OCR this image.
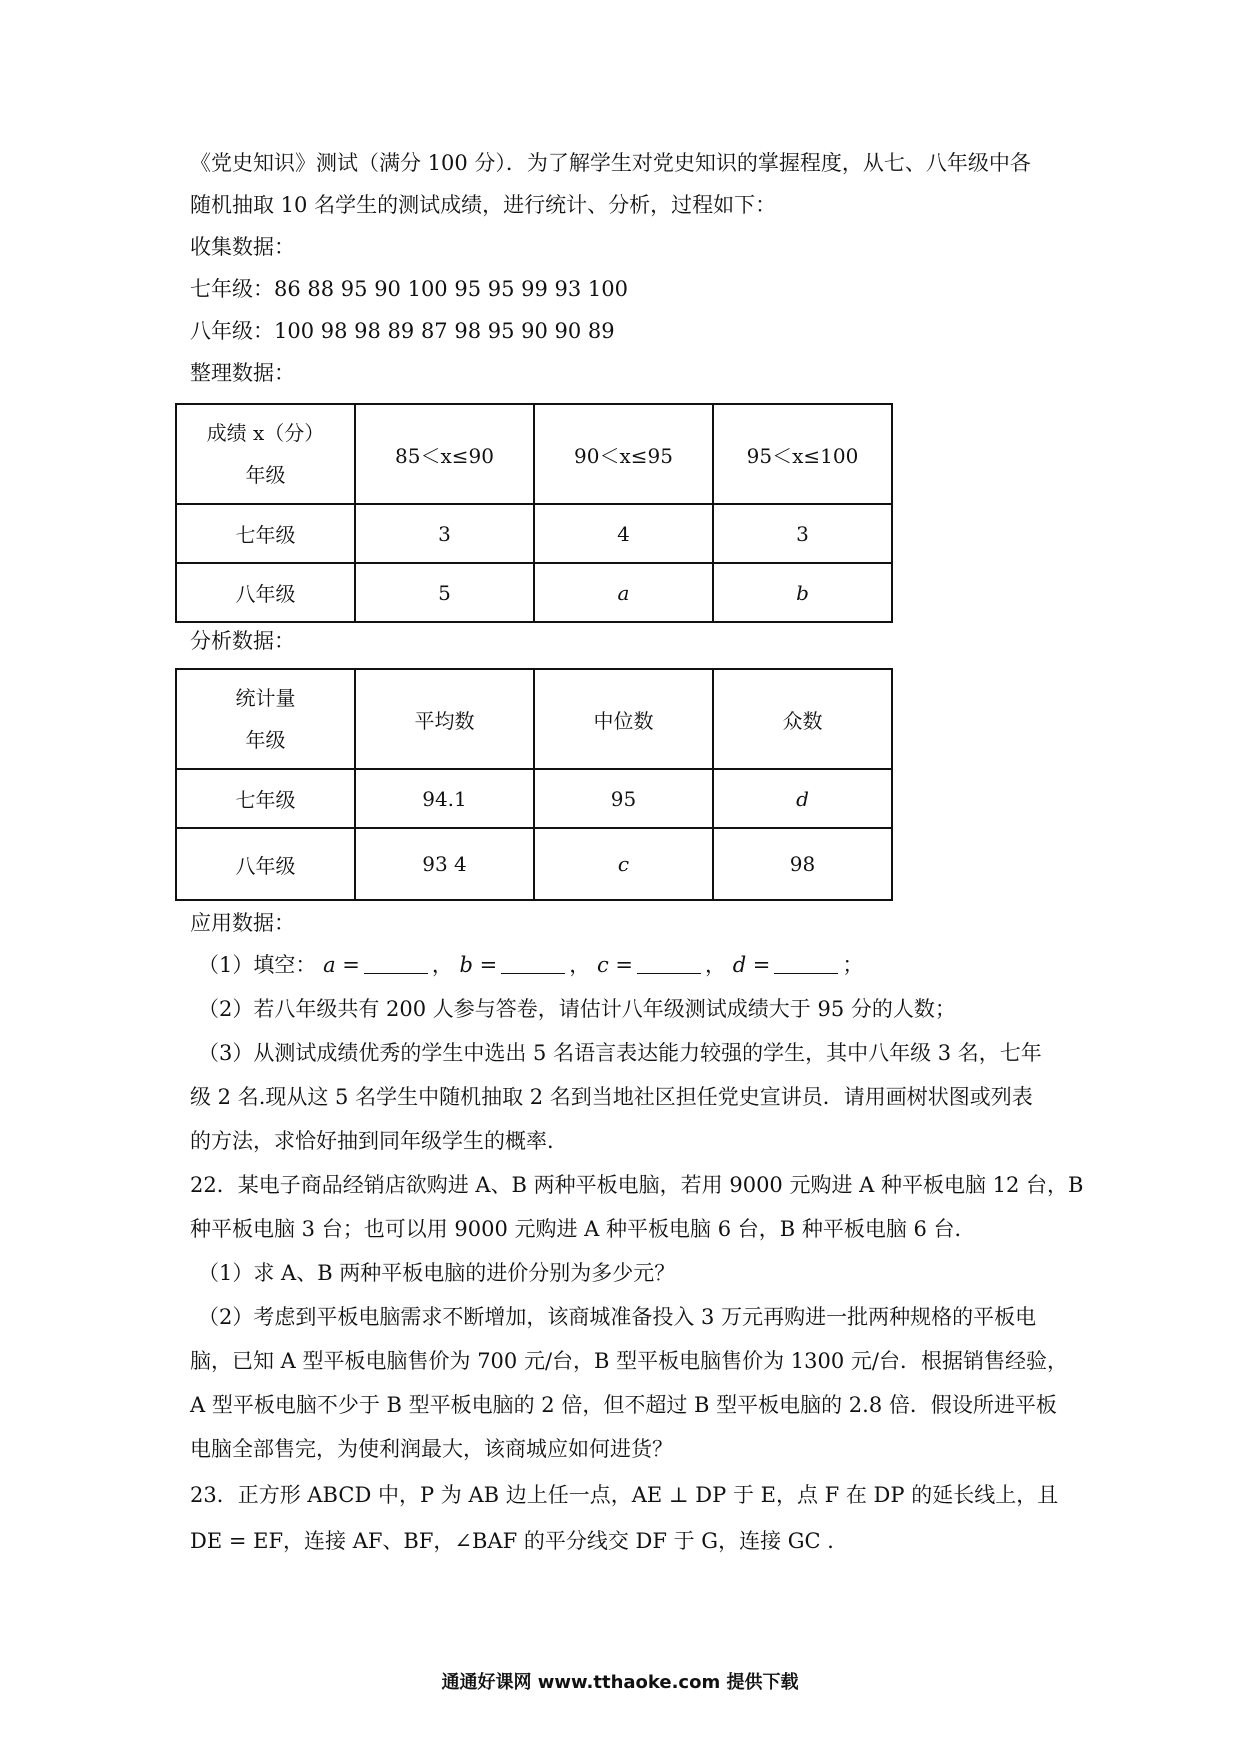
《党史知识》测试（满分 100 分）．为了解学生对党史知识的掌握程度，从七、八年级中各
随机抽取 10 名学生的测试成绩，进行统计、分析，过程如下：
收集数据：
七年级：86 88 95 90 100 95 95 99 93 100
八年级：100 98 98 89 87 98 95 90 90 89
整理数据：
成绩 x（分）
年级	85＜x≤90	90＜x≤95	95＜x≤100
七年级	3	4	3
八年级	5	a	b
分析数据：
统计量
年级	平均数	中位数	众数
七年级	94.1	95	d
八年级	93 4	c	98
应用数据：
（1）填空： a =	， b =	， c =	， d =	；
（2）若八年级共有 200 人参与答卷，请估计八年级测试成绩大于 95 分的人数；
（3）从测试成绩优秀的学生中选出 5 名语言表达能力较强的学生，其中八年级 3 名，七年
级 2 名.现从这 5 名学生中随机抽取 2 名到当地社区担任党史宣讲员．请用画树状图或列表
的方法，求恰好抽到同年级学生的概率．
22．某电子商品经销店欲购进 A、B 两种平板电脑，若用 9000 元购进 A 种平板电脑 12 台，B
种平板电脑 3 台；也可以用 9000 元购进 A 种平板电脑 6 台，B 种平板电脑 6 台．
（1）求 A、B 两种平板电脑的进价分别为多少元？
（2）考虑到平板电脑需求不断增加，该商城准备投入 3 万元再购进一批两种规格的平板电
脑，已知 A 型平板电脑售价为 700 元/台，B 型平板电脑售价为 1300 元/台．根据销售经验，
A 型平板电脑不少于 B 型平板电脑的 2 倍，但不超过 B 型平板电脑的 2.8 倍．假设所进平板
电脑全部售完，为使利润最大，该商城应如何进货？
23．正方形 ABCD 中，P 为 AB 边上任一点，AE ⊥ DP 于 E，点 F 在 DP 的延长线上，且
DE = EF，连接 AF、BF，∠BAF 的平分线交 DF 于 G，连接 GC ．
通通好课网 www.tthaoke.com 提供下载
